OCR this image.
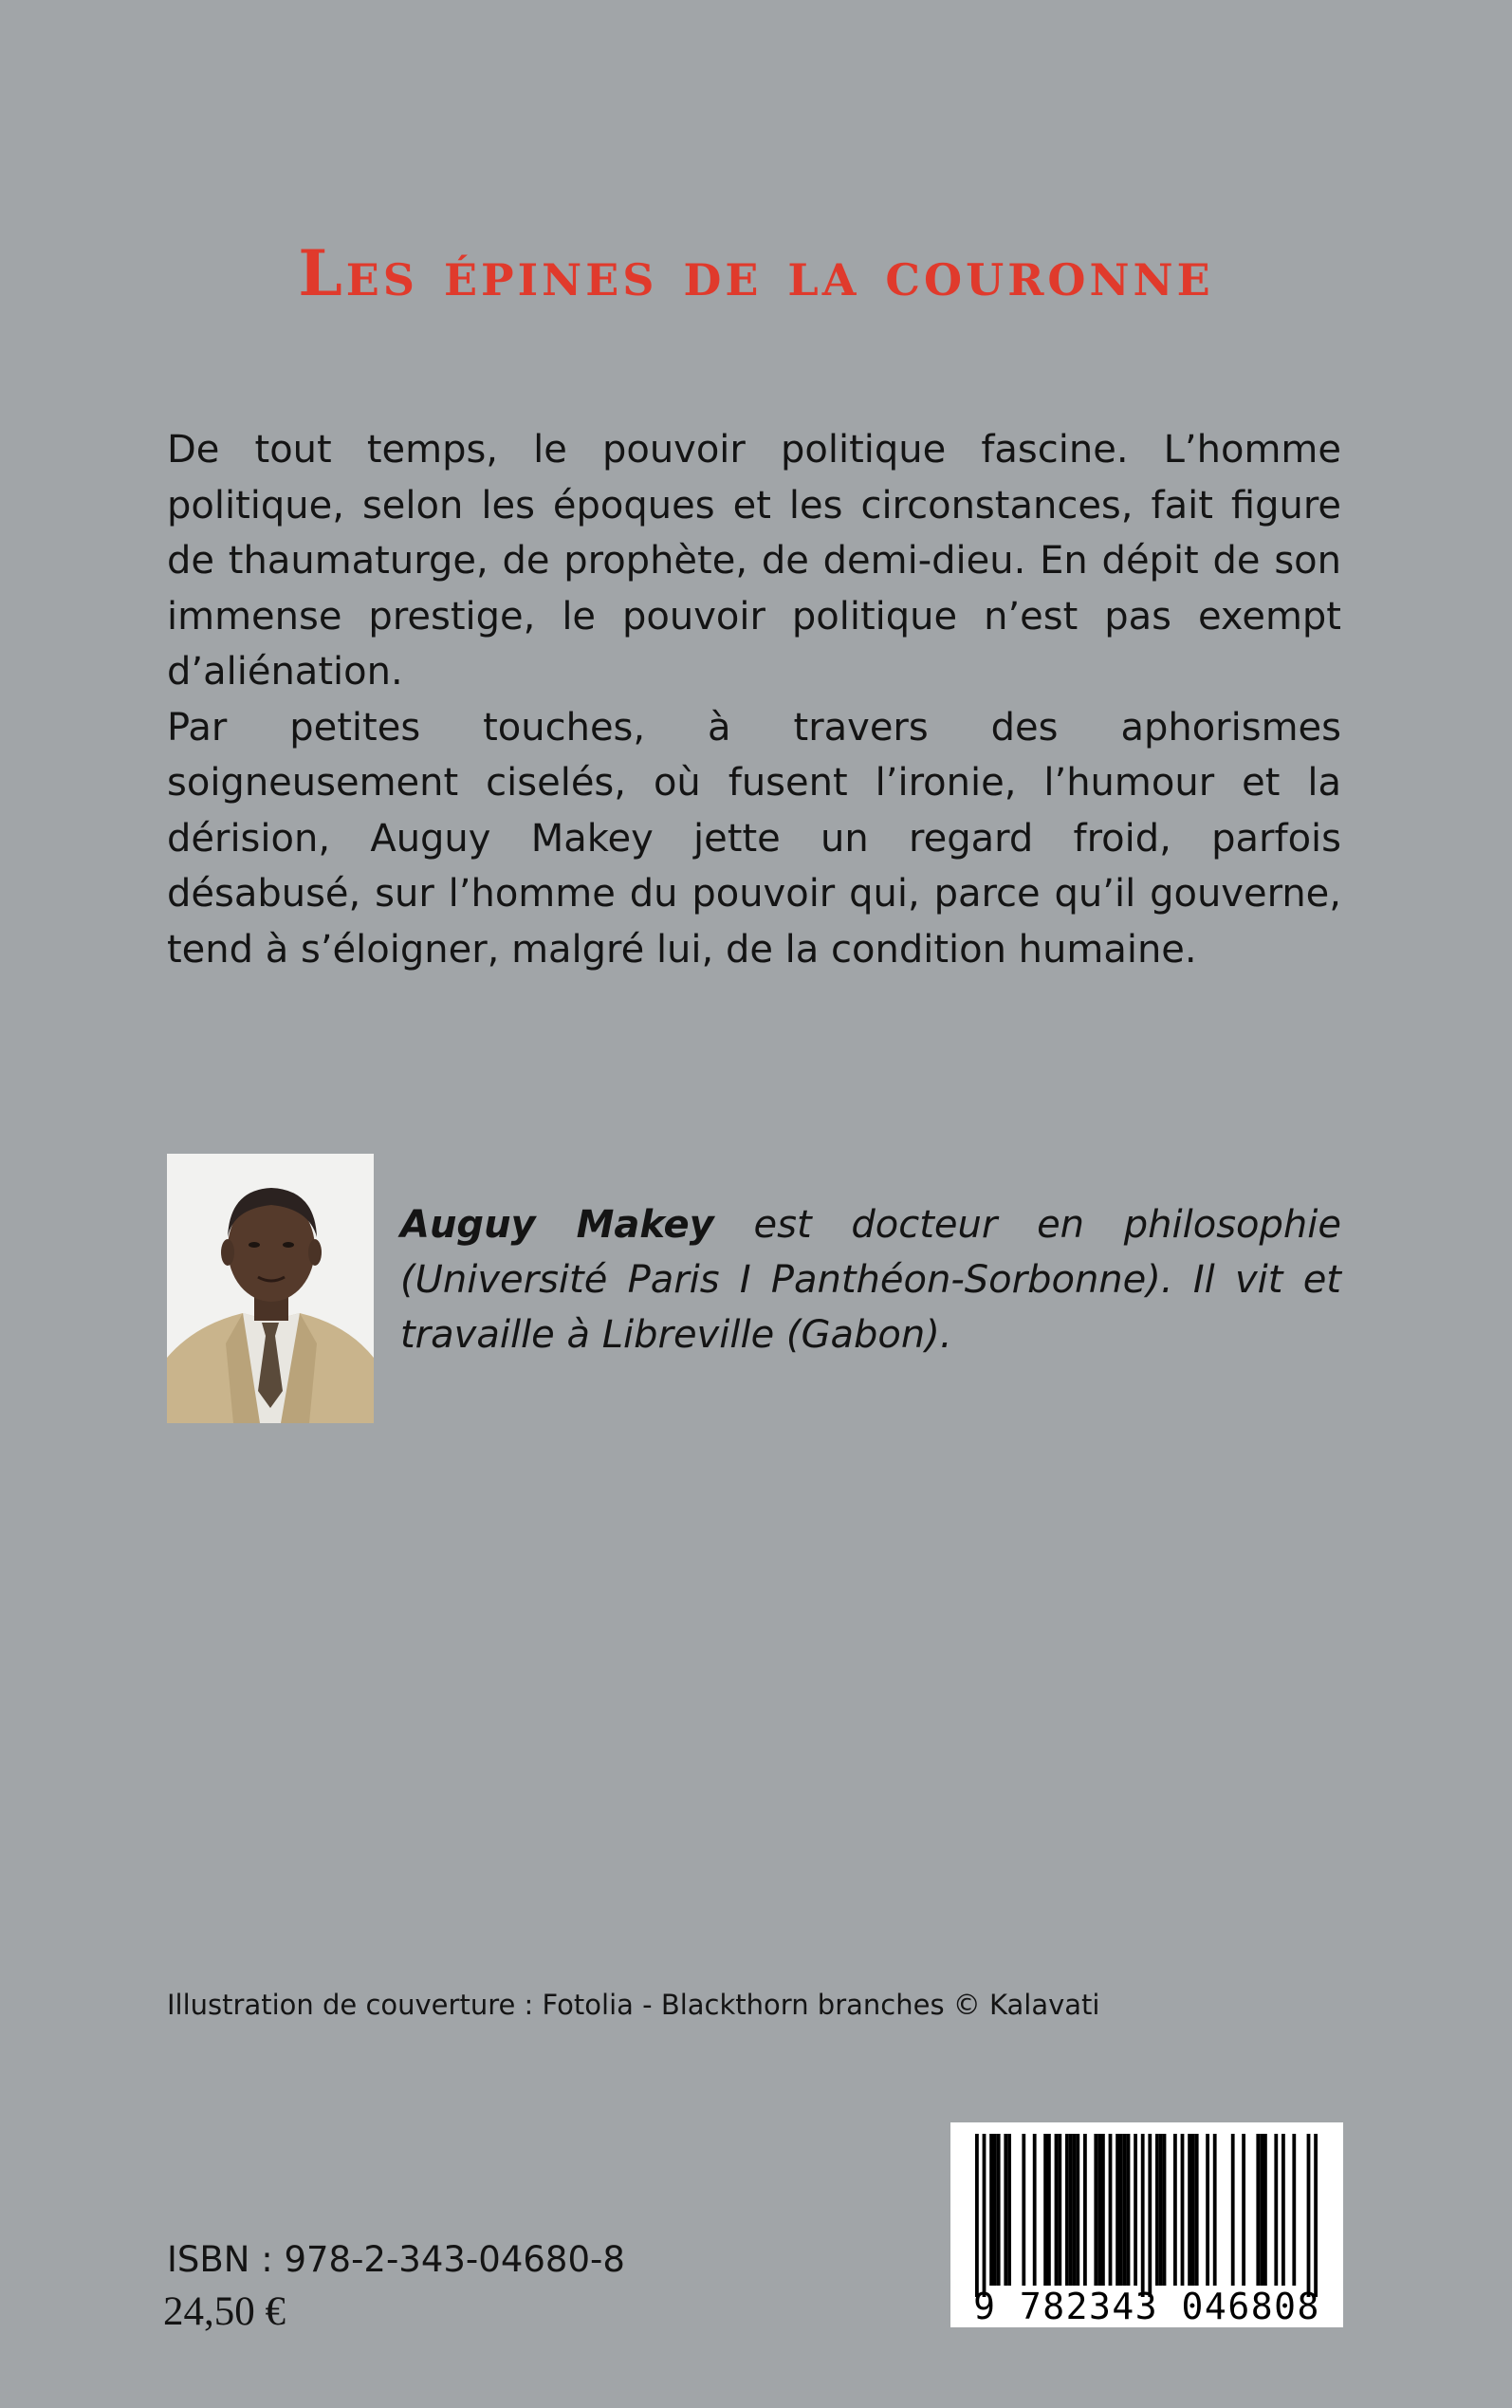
Les épines de la couronne

De tout temps, le pouvoir politique fascine. L’homme politique, selon les époques et les circonstances, fait figure de thaumaturge, de prophète, de demi-dieu. En dépit de son immense prestige, le pouvoir politique n’est pas exempt d’aliénation.

Par petites touches, à travers des aphorismes soigneusement ciselés, où fusent l’ironie, l’humour et la dérision, Auguy Makey jette un regard froid, parfois désabusé, sur l’homme du pouvoir qui, parce qu’il gouverne, tend à s’éloigner, malgré lui, de la condition humaine.

Auguy Makey est docteur en philosophie (Université Paris I Panthéon-Sorbonne). Il vit et travaille à Libreville (Gabon).

Illustration de couverture : Fotolia - Blackthorn branches © Kalavati
ISBN : 978-2-343-04680-8
24,50 €	9 782343 046808
